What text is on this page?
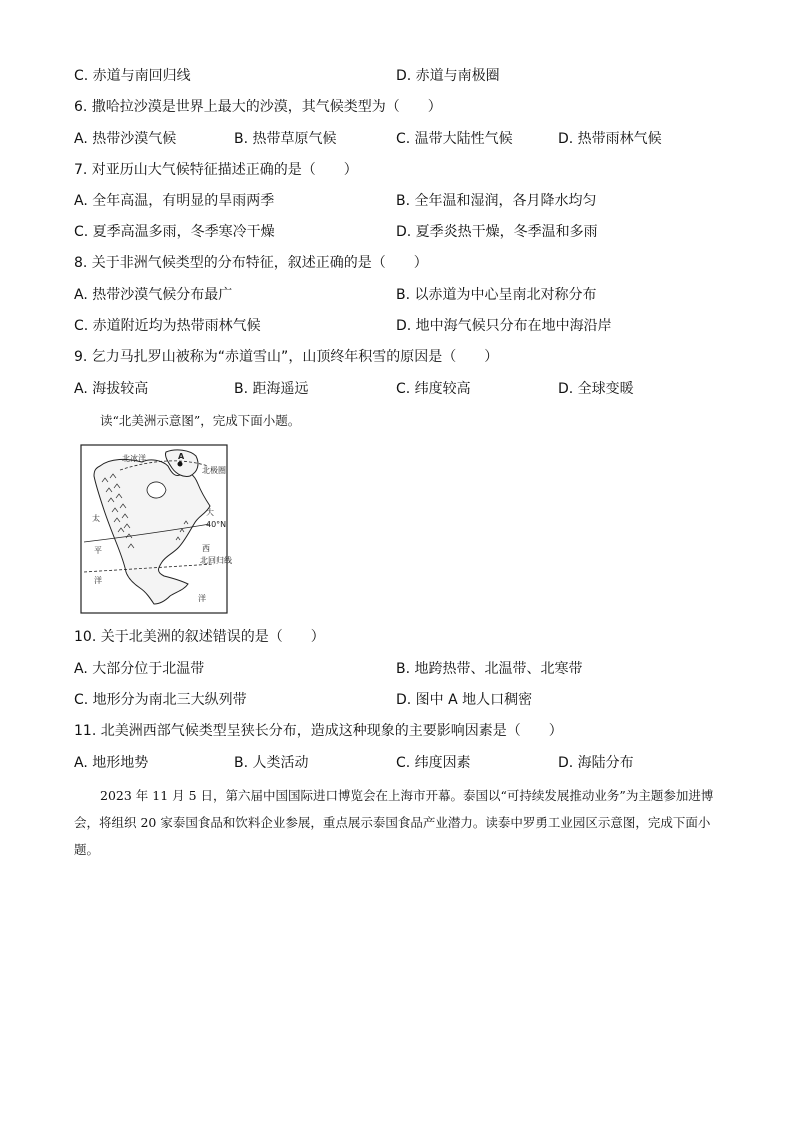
C. 赤道与南回归线	D. 赤道与南极圈
6. 撒哈拉沙漠是世界上最大的沙漠，其气候类型为（　　）
A. 热带沙漠气候	B. 热带草原气候	C. 温带大陆性气候	D. 热带雨林气候
7. 对亚历山大气候特征描述正确的是（　　）
A. 全年高温，有明显的旱雨两季	B. 全年温和湿润，各月降水均匀
C. 夏季高温多雨，冬季寒冷干燥	D. 夏季炎热干燥，冬季温和多雨
8. 关于非洲气候类型的分布特征，叙述正确的是（　　）
A. 热带沙漠气候分布最广	B. 以赤道为中心呈南北对称分布
C. 赤道附近均为热带雨林气候	D. 地中海气候只分布在地中海沿岸
9. 乞力马扎罗山被称为“赤道雪山”，山顶终年积雪的原因是（　　）
A. 海拔较高	B. 距海遥远	C. 纬度较高	D. 全球变暖
读“北美洲示意图”，完成下面小题。
北冰洋
北极圈
A
40°N
北回归线
太
平
洋
大
西
洋
10. 关于北美洲的叙述错误的是（　　）
A. 大部分位于北温带	B. 地跨热带、北温带、北寒带
C. 地形分为南北三大纵列带	D. 图中 A 地人口稠密
11. 北美洲西部气候类型呈狭长分布，造成这种现象的主要影响因素是（　　）
A. 地形地势	B. 人类活动	C. 纬度因素	D. 海陆分布
2023 年 11 月 5 日，第六届中国国际进口博览会在上海市开幕。泰国以“可持续发展推动业务”为主题参加进博会，将组织 20 家泰国食品和饮料企业参展，重点展示泰国食品产业潜力。读泰中罗勇工业园区示意图，完成下面小题。
